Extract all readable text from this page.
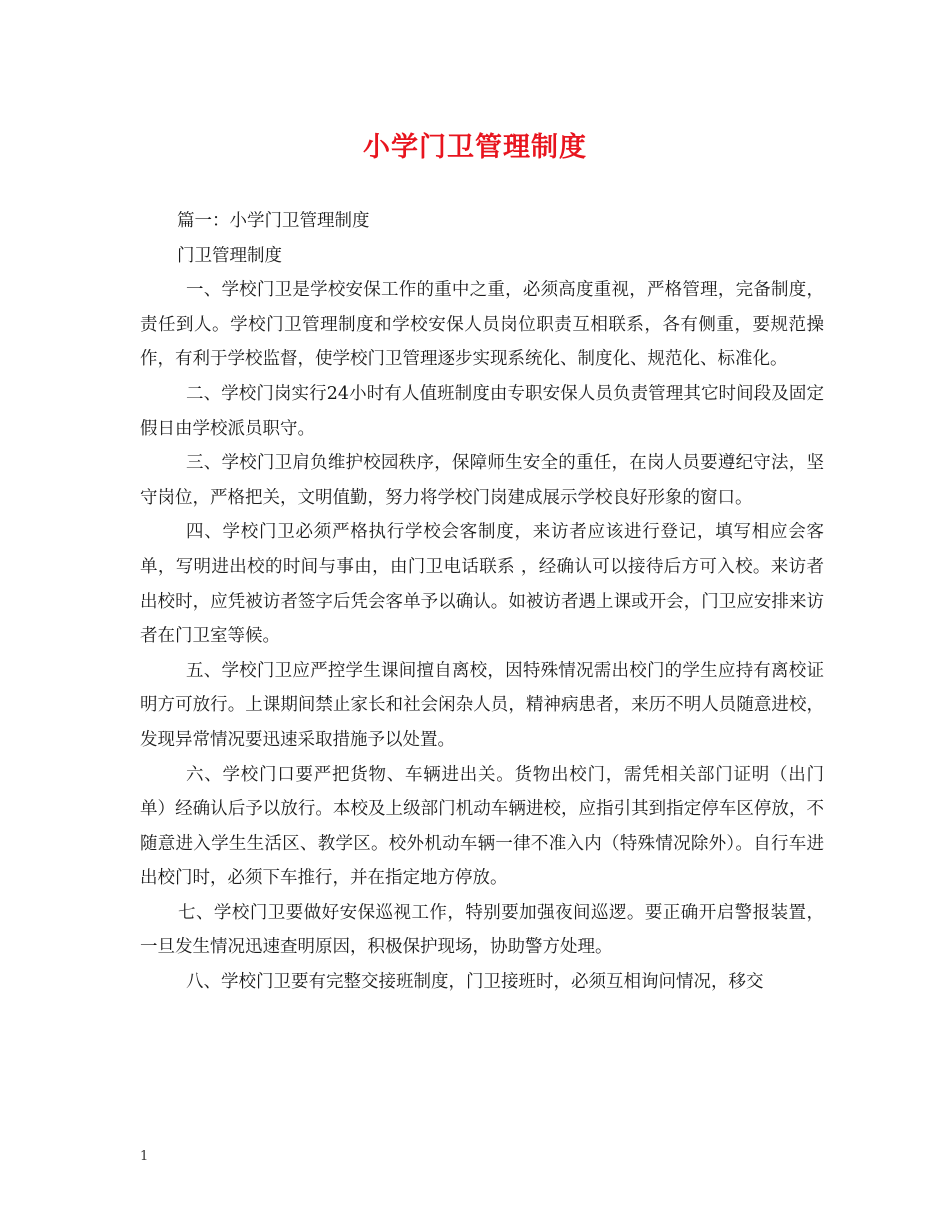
小学门卫管理制度

篇一：小学门卫管理制度

门卫管理制度

一、学校门卫是学校安保工作的重中之重，必须高度重视，严格管理，完备制度，责任到人。学校门卫管理制度和学校安保人员岗位职责互相联系，各有侧重，要规范操作，有利于学校监督，使学校门卫管理逐步实现系统化、制度化、规范化、标准化。

二、学校门岗实行24小时有人值班制度由专职安保人员负责管理其它时间段及固定假日由学校派员职守。

三、学校门卫肩负维护校园秩序，保障师生安全的重任，在岗人员要遵纪守法，坚守岗位，严格把关，文明值勤，努力将学校门岗建成展示学校良好形象的窗口。

四、学校门卫必须严格执行学校会客制度，来访者应该进行登记，填写相应会客单，写明进出校的时间与事由，由门卫电话联系 ，经确认可以接待后方可入校。来访者出校时，应凭被访者签字后凭会客单予以确认。如被访者遇上课或开会，门卫应安排来访者在门卫室等候。

五、学校门卫应严控学生课间擅自离校，因特殊情况需出校门的学生应持有离校证明方可放行。上课期间禁止家长和社会闲杂人员，精神病患者，来历不明人员随意进校，发现异常情况要迅速采取措施予以处置。

六、学校门口要严把货物、车辆进出关。货物出校门，需凭相关部门证明（出门单）经确认后予以放行。本校及上级部门机动车辆进校，应指引其到指定停车区停放，不随意进入学生生活区、教学区。校外机动车辆一律不准入内（特殊情况除外）。自行车进出校门时，必须下车推行，并在指定地方停放。

七、学校门卫要做好安保巡视工作，特别要加强夜间巡逻。要正确开启警报装置，一旦发生情况迅速查明原因，积极保护现场，协助警方处理。

八、学校门卫要有完整交接班制度，门卫接班时，必须互相询问情况，移交

1
